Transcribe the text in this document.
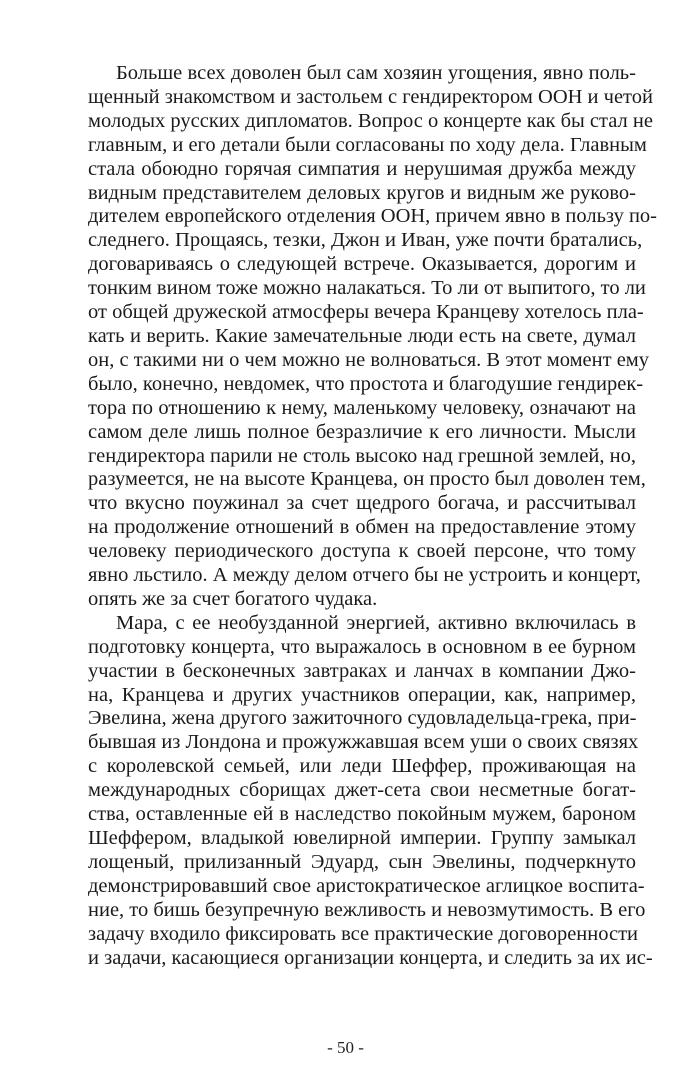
Больше всех доволен был сам хозяин угощения, явно поль-
щенный знакомством и застольем с гендиректором ООН и четой
молодых русских дипломатов. Вопрос о концерте как бы стал не
главным, и его детали были согласованы по ходу дела. Главным
стала обоюдно горячая симпатия и нерушимая дружба между
видным представителем деловых кругов и видным же руково-
дителем европейского отделения ООН, причем явно в пользу по-
следнего. Прощаясь, тезки, Джон и Иван, уже почти братались,
договариваясь о следующей встрече. Оказывается, дорогим и
тонким вином тоже можно налакаться. То ли от выпитого, то ли
от общей дружеской атмосферы вечера Кранцеву хотелось пла-
кать и верить. Какие замечательные люди есть на свете, думал
он, с такими ни о чем можно не волноваться. В этот момент ему
было, конечно, невдомек, что простота и благодушие гендирек-
тора по отношению к нему, маленькому человеку, означают на
самом деле лишь полное безразличие к его личности. Мысли
гендиректора парили не столь высоко над грешной землей, но,
разумеется, не на высоте Кранцева, он просто был доволен тем,
что вкусно поужинал за счет щедрого богача, и рассчитывал
на продолжение отношений в обмен на предоставление этому
человеку периодического доступа к своей персоне, что тому
явно льстило. А между делом отчего бы не устроить и концерт,
опять же за счет богатого чудака.
Мара, с ее необузданной энергией, активно включилась в
подготовку концерта, что выражалось в основном в ее бурном
участии в бесконечных завтраках и ланчах в компании Джо-
на, Кранцева и других участников операции, как, например,
Эвелина, жена другого зажиточного судовладельца-грека, при-
бывшая из Лондона и прожужжавшая всем уши о своих связях
с королевской семьей, или леди Шеффер, проживающая на
международных сборищах джет-сета свои несметные богат-
ства, оставленные ей в наследство покойным мужем, бароном
Шеффером, владыкой ювелирной империи. Группу замыкал
лощеный, прилизанный Эдуард, сын Эвелины, подчеркнуто
демонстрировавший свое аристократическое аглицкое воспита-
ние, то бишь безупречную вежливость и невозмутимость. В его
задачу входило фиксировать все практические договоренности
и задачи, касающиеся организации концерта, и следить за их ис-
- 50 -
